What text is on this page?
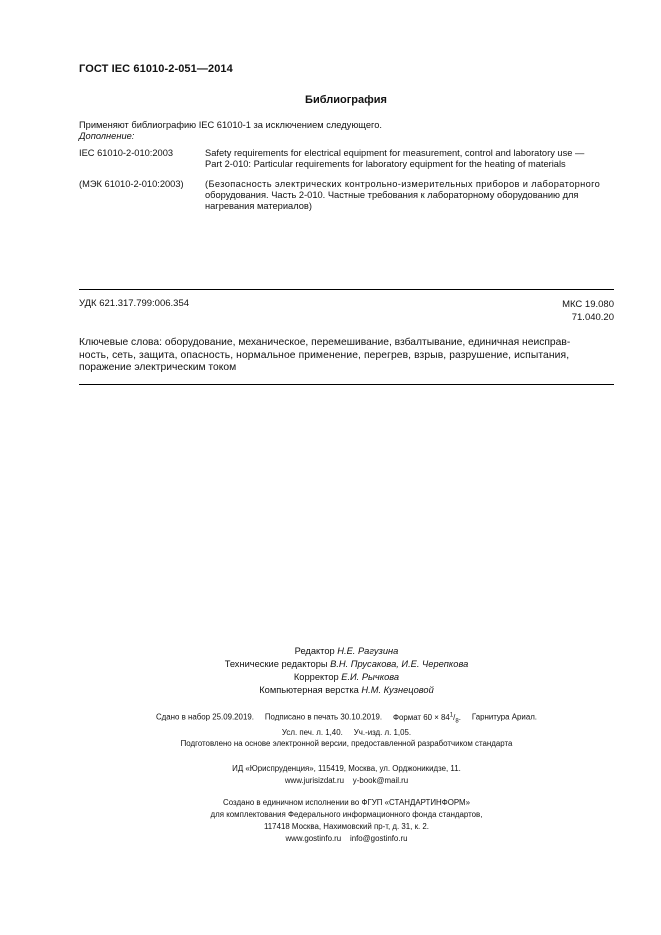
ГОСТ IEC 61010-2-051—2014
Библиография
Применяют библиографию IEC 61010-1 за исключением следующего.
Дополнение:
IEC 61010-2-010:2003	Safety requirements for electrical equipment for measurement, control and laboratory use —
Part 2-010: Particular requirements for laboratory equipment for the heating of materials
(МЭК 61010-2-010:2003) (Безопасность электрических контрольно-измерительных приборов и лабораторного
оборудования. Часть 2-010. Частные требования к лабораторному оборудованию для
нагревания материалов)
УДК 621.317.799:006.354	МКС 19.080
71.040.20
Ключевые слова: оборудование, механическое, перемешивание, взбалтывание, единичная неисправ-
ность, сеть, защита, опасность, нормальное применение, перегрев, взрыв, разрушение, испытания,
поражение электрическим током
Редактор Н.Е. Рагузина
Технические редакторы В.Н. Прусакова, И.Е. Черепкова
Корректор Е.И. Рычкова
Компьютерная верстка Н.М. Кузнецовой
Сдано в набор 25.09.2019. Подписано в печать 30.10.2019. Формат $60 \times 84^1/_8$. Гарнитура Ариал.
Усл. печ. л. 1,40. Уч.-изд. л. 1,05.
Подготовлено на основе электронной версии, предоставленной разработчиком стандарта
ИД «Юриспруденция», 115419, Москва, ул. Орджоникидзе, 11.
www.jurisizdat.ru y-book@mail.ru
Создано в единичном исполнении во ФГУП «СТАНДАРТИНФОРМ»
для комплектования Федерального информационного фонда стандартов,
117418 Москва, Нахимовский пр-т, д. 31, к. 2.
www.gostinfo.ru info@gostinfo.ru
